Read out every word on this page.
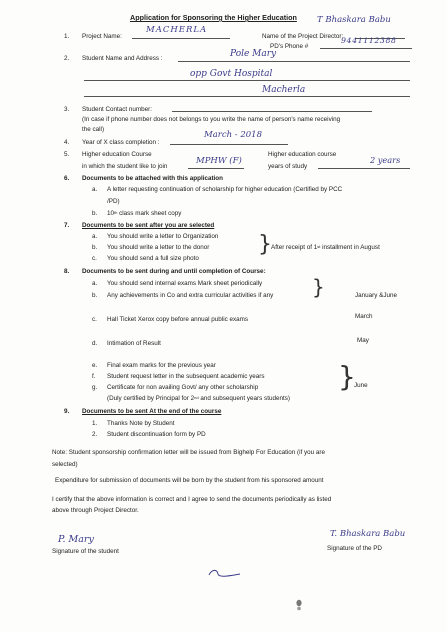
Application for Sponsoring the Higher Education
1. Project Name:
MACHERLA
T Bhaskara Babu
Name of the Project Director:
PD's Phone #
9441112388
2. Student Name and Address :	Pole Mary
opp Govt Hospital
Macherla
3. Student Contact number:
(In case if phone number does not belongs to you write the name of person's name receiving
the call)
4. Year of X class completion :
March - 2018
5. Higher education Course
in which the student like to join
MPHW (F)
Higher education course
years of study
2 years
6. Documents to be attached with this application
a. A letter requesting continuation of scholarship for higher education (Certified by PCC
/PD)
b. 10th class mark sheet copy
7. Documents to be sent after you are selected
a. You should write a letter to Organization
b. You should write a letter to the donor
c. You should send a full size photo
} After receipt of 1st installment in August
8. Documents to be sent during and until completion of Course:
a. You should send internal exams Mark sheet periodically
b. Any achievements in Co and extra curricular activities if any }	January &June
c. Hall Ticket Xerox copy before annual public exams	March
d. Intimation of Result	May
e. Final exam marks for the previous year
f. Student request letter in the subsequent academic years
g. Certificate for non availing Govt/ any other scholarship
(Duly certified by Principal for 2nd and subsequent years students)
}
June
9. Documents to be sent At the end of the course
1. Thanks Note by Student
2. Student discontinuation form by PD
Note: Student sponsorship confirmation letter will be issued from Bighelp For Education (if you are
selected)
Expenditure for submission of documents will be born by the student from his sponsored amount
I certify that the above information is correct and I agree to send the documents periodically as listed
above through Project Director.
P. Mary
Signature of the student
T. Bhaskara Babu
Signature of the PD
